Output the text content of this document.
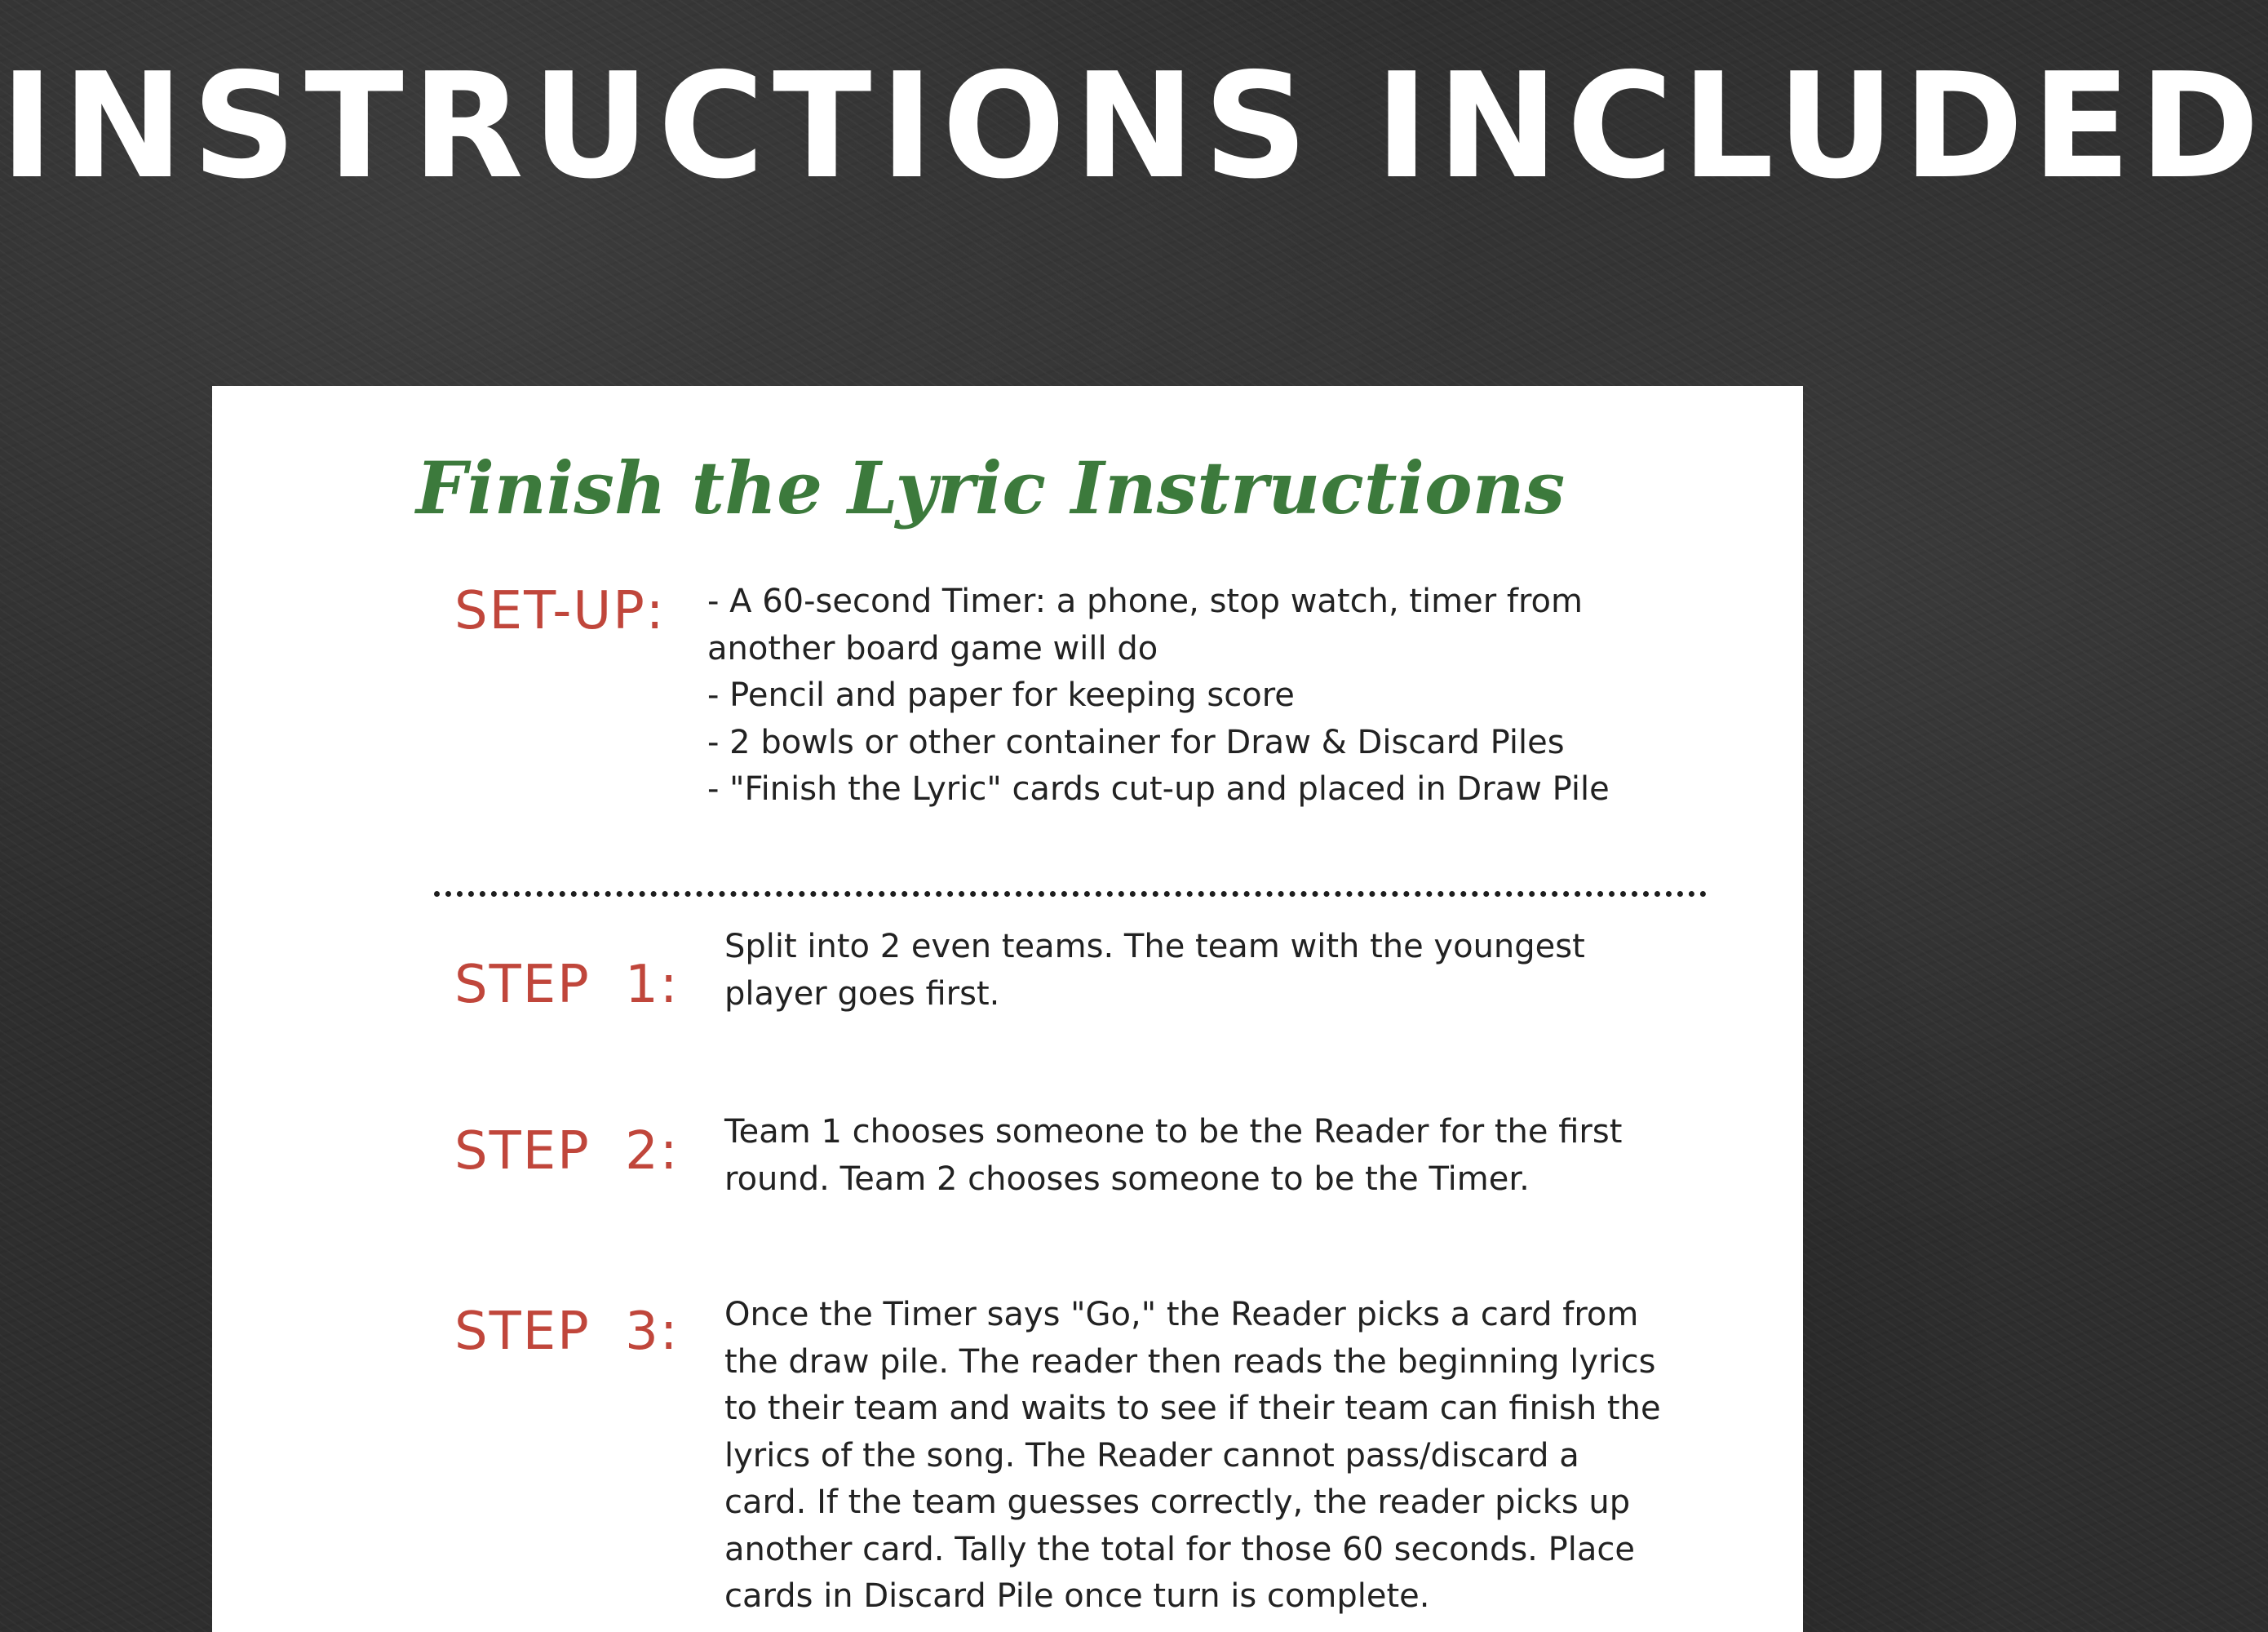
INSTRUCTIONS INCLUDED
Finish the Lyric Instructions
SET-UP: - A 60-second Timer: a phone, stop watch, timer from
another board game will do
- Pencil and paper for keeping score
- 2 bowls or other container for Draw & Discard Piles
- "Finish the Lyric" cards cut-up and placed in Draw Pile
STEP 1:
Split into 2 even teams. The team with the youngest
player goes first.
STEP 2: Team 1 chooses someone to be the Reader for the first
round. Team 2 chooses someone to be the Timer.
STEP 3: Once the Timer says "Go," the Reader picks a card from
the draw pile. The reader then reads the beginning lyrics
to their team and waits to see if their team can finish the
lyrics of the song. The Reader cannot pass/discard a
card. If the team guesses correctly, the reader picks up
another card. Tally the total for those 60 seconds. Place
cards in Discard Pile once turn is complete.
